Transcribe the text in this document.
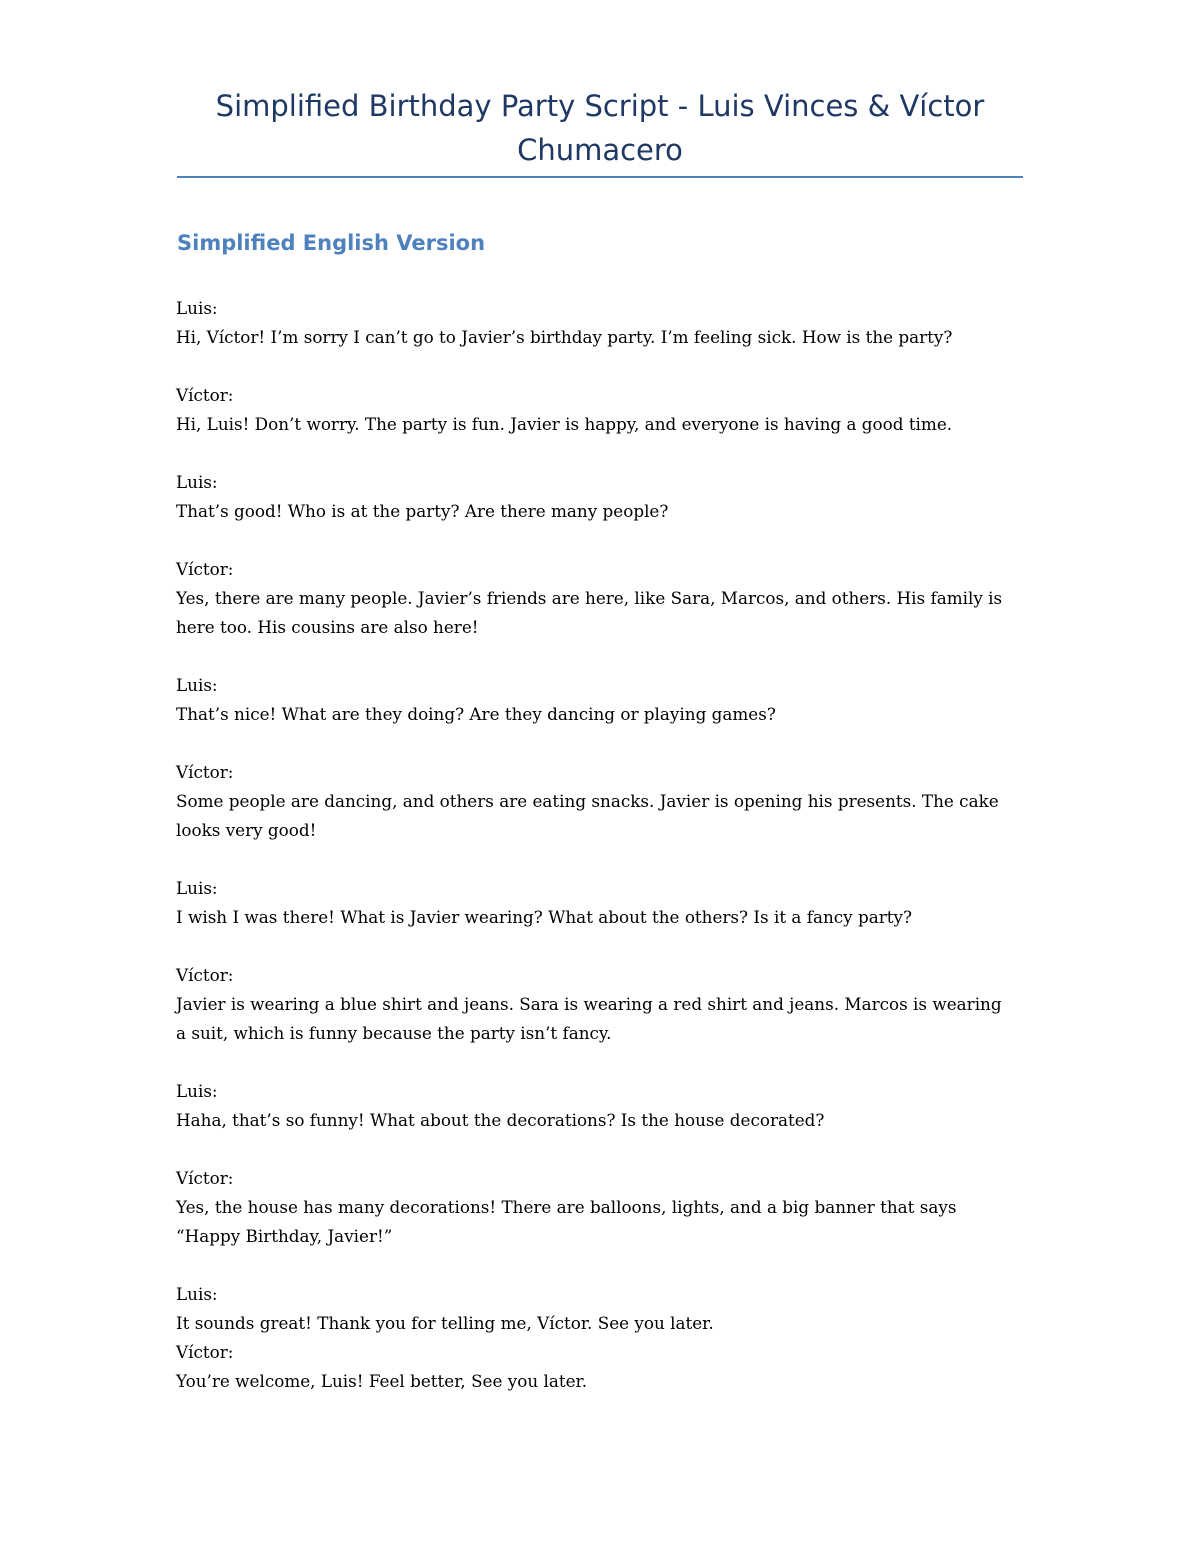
Simplified Birthday Party Script - Luis Vinces & Víctor Chumacero
Simplified English Version
Luis:
Hi, Víctor! I’m sorry I can’t go to Javier’s birthday party. I’m feeling sick. How is the party?
Víctor:
Hi, Luis! Don’t worry. The party is fun. Javier is happy, and everyone is having a good time.
Luis:
That’s good! Who is at the party? Are there many people?
Víctor:
Yes, there are many people. Javier’s friends are here, like Sara, Marcos, and others. His family is here too. His cousins are also here!
Luis:
That’s nice! What are they doing? Are they dancing or playing games?
Víctor:
Some people are dancing, and others are eating snacks. Javier is opening his presents. The cake looks very good!
Luis:
I wish I was there! What is Javier wearing? What about the others? Is it a fancy party?
Víctor:
Javier is wearing a blue shirt and jeans. Sara is wearing a red shirt and jeans. Marcos is wearing a suit, which is funny because the party isn’t fancy.
Luis:
Haha, that’s so funny! What about the decorations? Is the house decorated?
Víctor:
Yes, the house has many decorations! There are balloons, lights, and a big banner that says “Happy Birthday, Javier!”
Luis:
It sounds great! Thank you for telling me, Víctor. See you later.
Víctor:
You’re welcome, Luis! Feel better, See you later.
